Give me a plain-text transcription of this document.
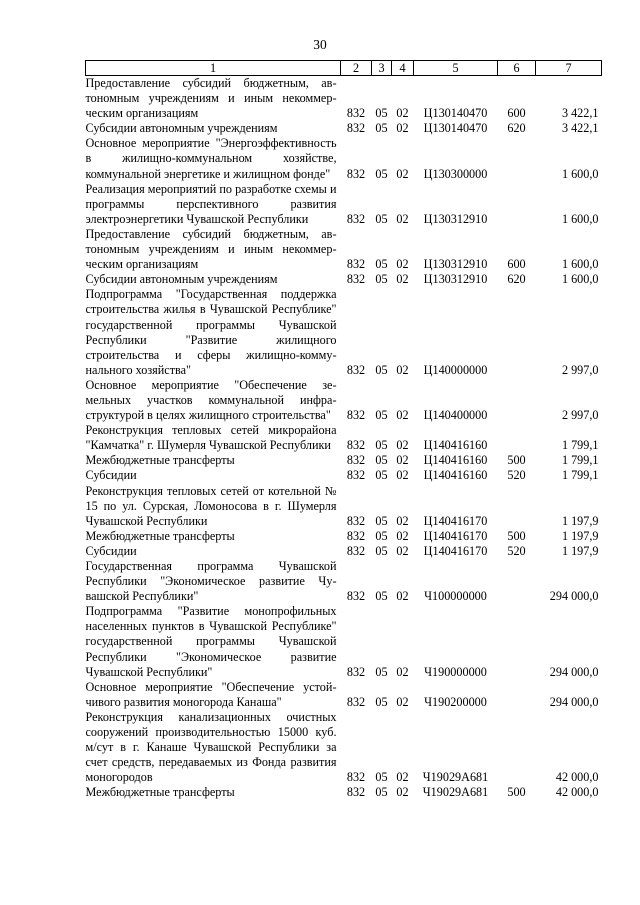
30
1	2	3	4	5	6	7
Предоставление субсидий бюджетным, автономным учреждениям и иным некоммерческим организациям	832	05	02	Ц130140470	600	3 422,1
Субсидии автономным учреждениям	832	05	02	Ц130140470	620	3 422,1
Основное мероприятие "Энергоэффективность в жилищно-коммунальном хозяйстве, коммунальной энергетике и жилищном фонде"	832	05	02	Ц130300000		1 600,0
Реализация мероприятий по разработке схемы и программы перспективного развития электроэнергетики Чувашской Республики	832	05	02	Ц130312910		1 600,0
Предоставление субсидий бюджетным, автономным учреждениям и иным некоммерческим организациям	832	05	02	Ц130312910	600	1 600,0
Субсидии автономным учреждениям	832	05	02	Ц130312910	620	1 600,0
Подпрограмма "Государственная поддержка строительства жилья в Чувашской Республике" государственной программы Чувашской Республики "Развитие жилищного строительства и сферы жилищно-коммунального хозяйства"	832	05	02	Ц140000000		2 997,0
Основное мероприятие "Обеспечение земельных участков коммунальной инфраструктурой в целях жилищного строительства"	832	05	02	Ц140400000		2 997,0
Реконструкция тепловых сетей микрорайона "Камчатка" г. Шумерля Чувашской Республики	832	05	02	Ц140416160		1 799,1
Межбюджетные трансферты	832	05	02	Ц140416160	500	1 799,1
Субсидии	832	05	02	Ц140416160	520	1 799,1
Реконструкция тепловых сетей от котельной № 15 по ул. Сурская, Ломоносова в г. Шумерля Чувашской Республики	832	05	02	Ц140416170		1 197,9
Межбюджетные трансферты	832	05	02	Ц140416170	500	1 197,9
Субсидии	832	05	02	Ц140416170	520	1 197,9
Государственная программа Чувашской Республики "Экономическое развитие Чувашской Республики"	832	05	02	Ч100000000		294 000,0
Подпрограмма "Развитие монопрофильных населенных пунктов в Чувашской Республике" государственной программы Чувашской Республики "Экономическое развитие Чувашской Республики"	832	05	02	Ч190000000		294 000,0
Основное мероприятие "Обеспечение устойчивого развития моногорода Канаша"	832	05	02	Ч190200000		294 000,0
Реконструкция канализационных очистных сооружений производительностью 15000 куб. м/сут в г. Канаше Чувашской Республики за счет средств, передаваемых из Фонда развития моногородов	832	05	02	Ч19029А681		42 000,0
Межбюджетные трансферты	832	05	02	Ч19029А681	500	42 000,0
